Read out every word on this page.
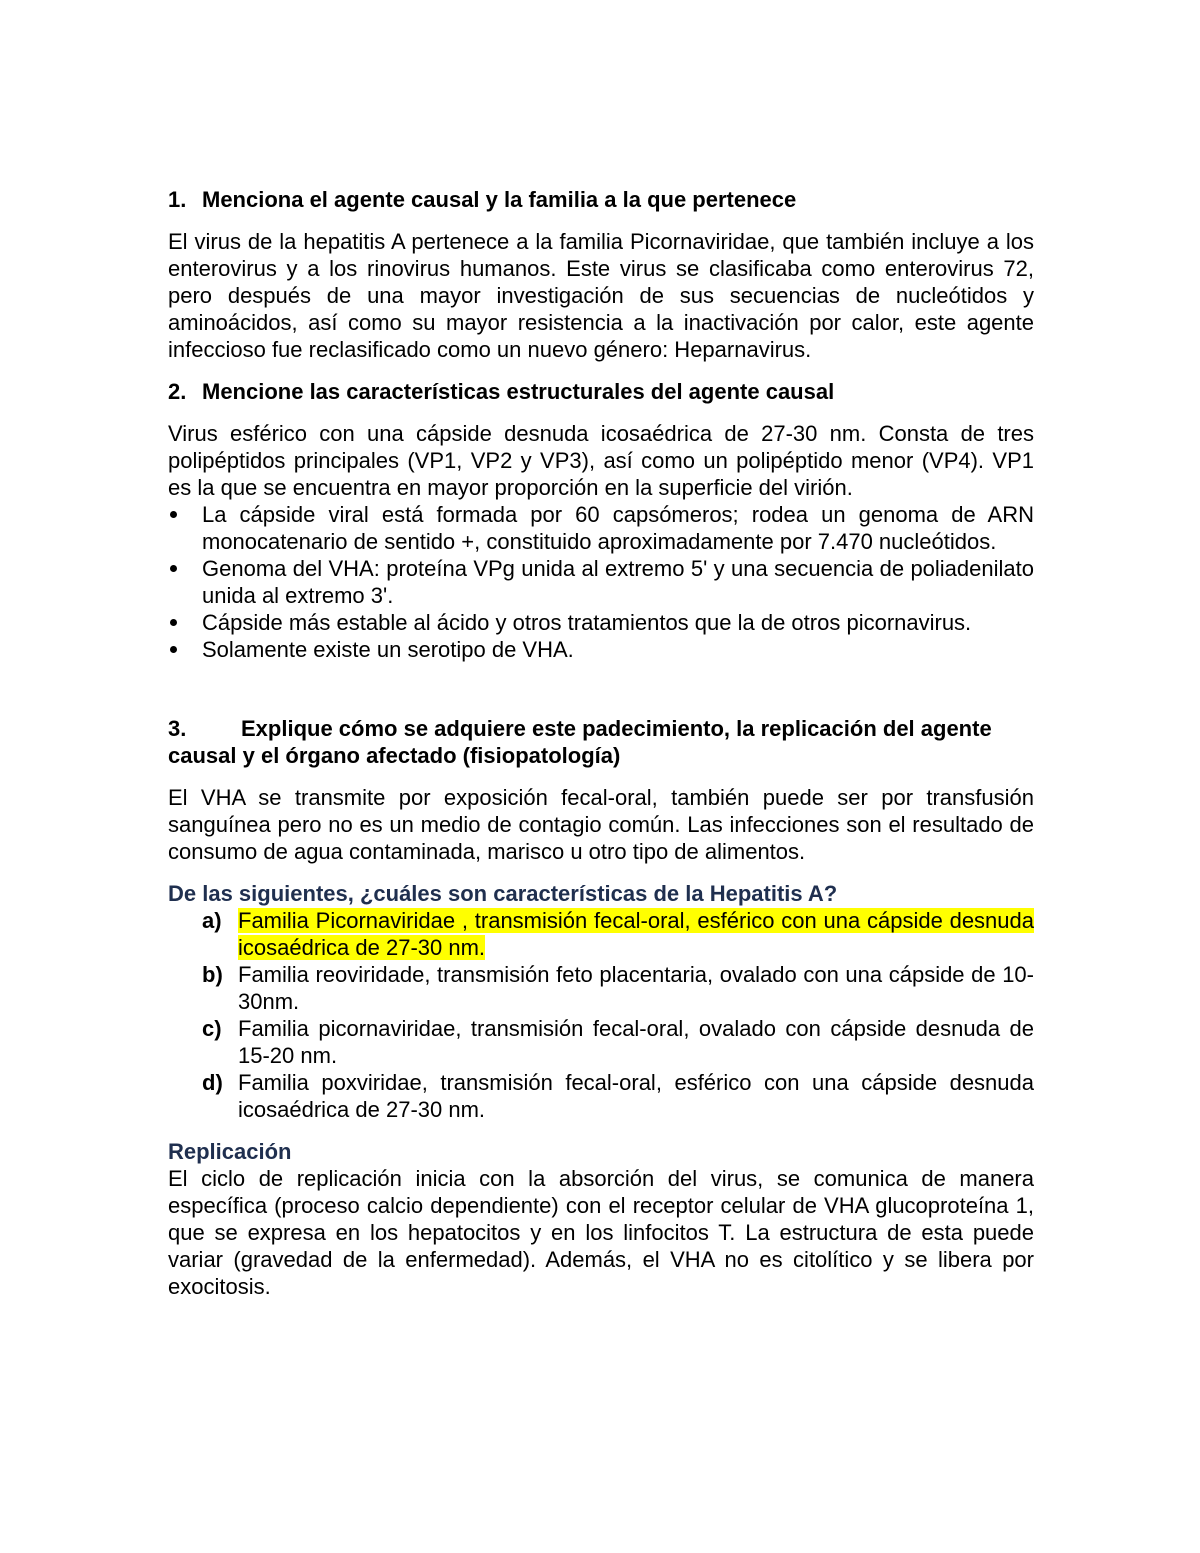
1. Menciona el agente causal y la familia a la que pertenece

El virus de la hepatitis A pertenece a la familia Picornaviridae, que también incluye a los enterovirus y a los rinovirus humanos. Este virus se clasificaba como enterovirus 72, pero después de una mayor investigación de sus secuencias de nucleótidos y aminoácidos, así como su mayor resistencia a la inactivación por calor, este agente infeccioso fue reclasificado como un nuevo género: Heparnavirus.

2. Mencione las características estructurales del agente causal

Virus esférico con una cápside desnuda icosaédrica de 27-30 nm. Consta de tres polipéptidos principales (VP1, VP2 y VP3), así como un polipéptido menor (VP4). VP1 es la que se encuentra en mayor proporción en la superficie del virión.

La cápside viral está formada por 60 capsómeros; rodea un genoma de ARN monocatenario de sentido +, constituido aproximadamente por 7.470 nucleótidos.
Genoma del VHA: proteína VPg unida al extremo 5' y una secuencia de poliadenilato unida al extremo 3'.
Cápside más estable al ácido y otros tratamientos que la de otros picornavirus.
Solamente existe un serotipo de VHA.

3. Explique cómo se adquiere este padecimiento, la replicación del agente causal y el órgano afectado (fisiopatología)

El VHA se transmite por exposición fecal-oral, también puede ser por transfusión sanguínea pero no es un medio de contagio común. Las infecciones son el resultado de consumo de agua contaminada, marisco u otro tipo de alimentos.

De las siguientes, ¿cuáles son características de la Hepatitis A?

a) Familia Picornaviridae , transmisión fecal-oral, esférico con una cápside desnuda icosaédrica de 27-30 nm.
b) Familia reoviridade, transmisión feto placentaria, ovalado con una cápside de 10-30nm.
c) Familia picornaviridae, transmisión fecal-oral, ovalado con cápside desnuda de 15-20 nm.
d) Familia poxviridae, transmisión fecal-oral, esférico con una cápside desnuda icosaédrica de 27-30 nm.

Replicación

El ciclo de replicación inicia con la absorción del virus, se comunica de manera específica (proceso calcio dependiente) con el receptor celular de VHA glucoproteína 1, que se expresa en los hepatocitos y en los linfocitos T. La estructura de esta puede variar (gravedad de la enfermedad). Además, el VHA no es citolítico y se libera por exocitosis.
